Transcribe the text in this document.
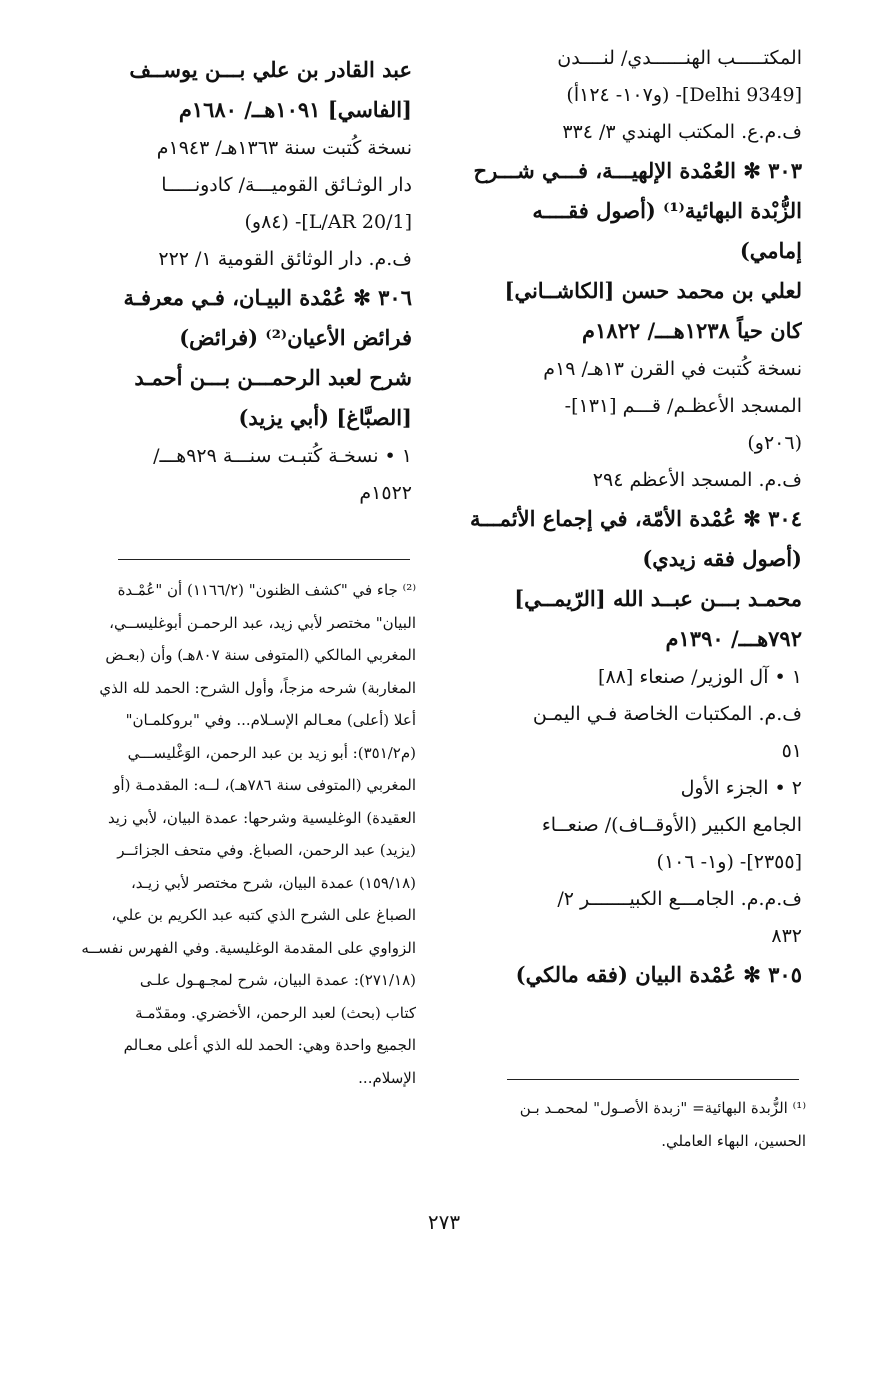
المكتـــــب الهنــــــدي/ لنــــدن
[Delhi 9349]- (و١٠٧- ١٢٤أ)
ف.م.ع. المكتب الهندي ٣/ ٣٣٤
٣٠٣ ✻ العُمْدة الإلهيـــة، فـــي شـــرح
الزُّبْدة البهائية⁽¹⁾ (أصول فقــــه
إمامي)
لعلي بن محمد حسن [الكاشــاني]
كان حياً ١٢٣٨هـــ/ ١٨٢٢م
نسخة كُتبت في القرن ١٣هـ/ ١٩م
المسجد الأعظـم/ قـــم [١٣١]-
(٢٠٦و)
ف.م. المسجد الأعظم ٢٩٤
٣٠٤ ✻ عُمْدة الأمّة، في إجماع الأئمـــة
(أصول فقه زيدي)
محمـد بـــن عبــد الله [الرّيمــي]
٧٩٢هـــ/ ١٣٩٠م
١ • آل الوزير/ صنعاء [٨٨]
ف.م. المكتبات الخاصة فـي اليمـن
٥١
٢ • الجزء الأول
الجامع الكبير (الأوقــاف)/ صنعــاء
[٢٣٥٥]- (و١- ١٠٦)
ف.م.م. الجامـــع الكبيـــــــر ٢/
٨٣٢
٣٠٥ ✻ عُمْدة البيان (فقه مالكي)
عبد القادر بن علي بـــن يوســف
[الفاسي] ١٠٩١هــ/ ١٦٨٠م
نسخة كُتبت سنة ١٣٦٣هـ/ ١٩٤٣م
دار الوثـائق القوميـــة/ كادونـــــا
[L/AR 20/1]- (٨٤و)
ف.م. دار الوثائق القومية ١/ ٢٢٢
٣٠٦ ✻ عُمْدة البيـان، فـي معرفـة
فرائض الأعيان⁽²⁾ (فرائض)
شرح لعبد الرحمـــن بـــن أحمـد
[الصبَّاغ] (أبي يزيد)
١ • نسخـة كُتبـت سنـــة ٩٢٩هـــ/
١٥٢٢م
⁽²⁾ جاء في "كشف الظنون" (١١٦٦/٢) أن "عُمْـدة
البيان" مختصر لأبي زيد، عبد الرحمـن أبوغليســي،
المغربي المالكي (المتوفى سنة ٨٠٧هـ) وأن (بعـض
المغاربة) شرحه مزجاً، وأول الشرح: الحمد لله الذي
أعلا (أعلى) معـالم الإسـلام... وفي "بروكلمـان"
(م٣٥١/٢): أبو زيد بن عبد الرحمن، الوَغْليســـي
المغربي (المتوفى سنة ٧٨٦هـ)، لــه: المقدمـة (أو
العقيدة) الوغليسية وشرحها: عمدة البيان، لأبي زيد
(يزيد) عبد الرحمن، الصباغ. وفي متحف الجزائــر
(١٥٩/١٨) عمدة البيان، شرح مختصر لأبي زيـد،
الصباغ على الشرح الذي كتبه عبد الكريم بن علي،
الزواوي على المقدمة الوغليسية. وفي الفهرس نفســه
(٢٧١/١٨): عمدة البيان، شرح لمجـهـول علـى
كتاب (بحث) لعبد الرحمن، الأخضري. ومقدّمـة
الجميع واحدة وهي: الحمد لله الذي أعلى معـالم
الإسلام...
⁽¹⁾ الزُّبدة البهائية= "زبدة الأصـول" لمحمـد بـن
الحسين، البهاء العاملي.
٢٧٣
